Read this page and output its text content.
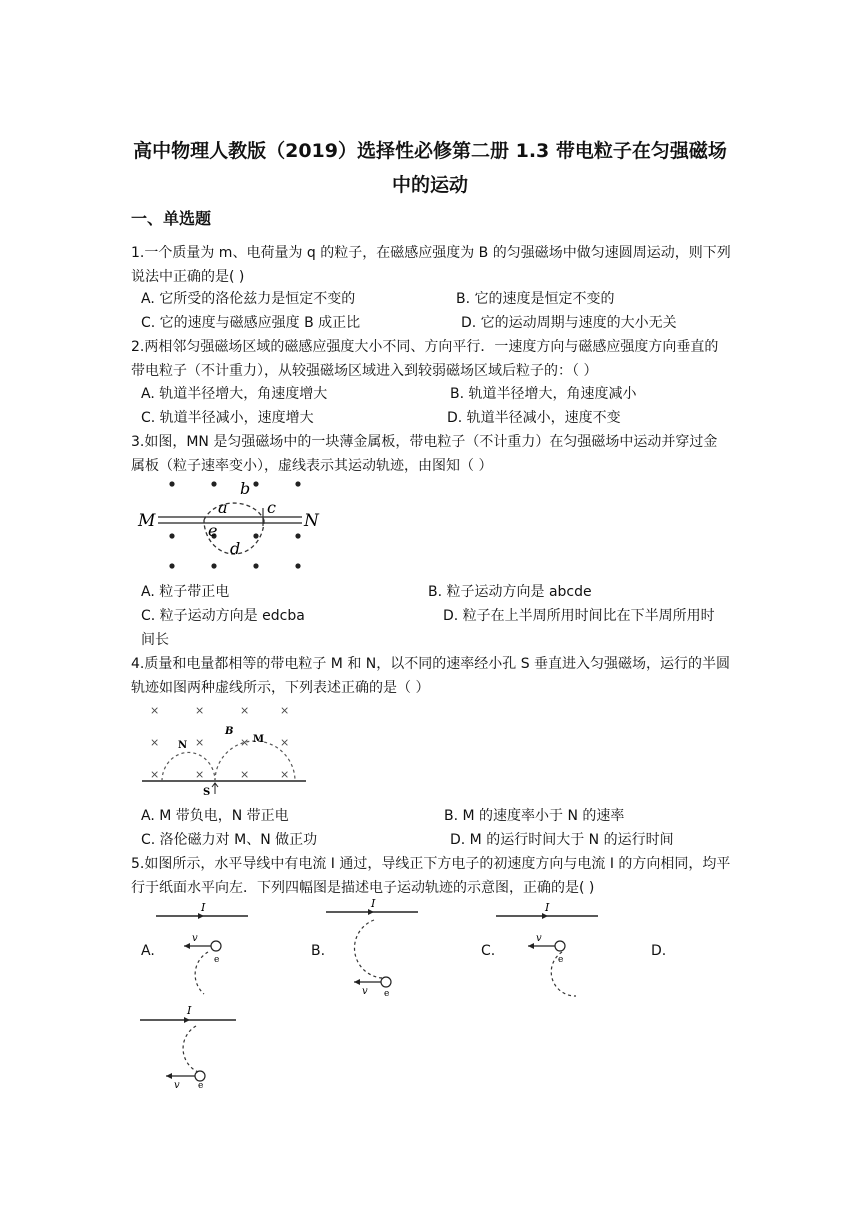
高中物理人教版（2019）选择性必修第二册 1.3 带电粒子在匀强磁场
中的运动
一、单选题
1.一个质量为 m、电荷量为 q 的粒子，在磁感应强度为 B 的匀强磁场中做匀速圆周运动，则下列说法中正确的是( )
A. 它所受的洛伦兹力是恒定不变的	B. 它的速度是恒定不变的
C. 它的速度与磁感应强度 B 成正比	D. 它的运动周期与速度的大小无关
2.两相邻匀强磁场区域的磁感应强度大小不同、方向平行．一速度方向与磁感应强度方向垂直的带电粒子（不计重力），从较强磁场区域进入到较弱磁场区域后粒子的：（ ）
A. 轨道半径增大，角速度增大	B. 轨道半径增大，角速度减小
C. 轨道半径减小，速度增大	D. 轨道半径减小，速度不变
3.如图，MN 是匀强磁场中的一块薄金属板，带电粒子（不计重力）在匀强磁场中运动并穿过金属板（粒子速率变小），虚线表示其运动轨迹，由图知（ ）
M	N
a
b
c
d
e
A. 粒子带正电	B. 粒子运动方向是 abcde
C. 粒子运动方向是 edcba	D. 粒子在上半周所用时间比在下半周所用时
间长
4.质量和电量都相等的带电粒子 M 和 N，以不同的速率经小孔 S 垂直进入匀强磁场，运行的半圆轨迹如图两种虚线所示，下列表述正确的是（ ）
×	×	×	×
×	×	×	×
×	×	×	×
B
N
M
S
A. M 带负电，N 带正电	B. M 的速度率小于 N 的速率
C. 洛伦磁力对 M、N 做正功	D. M 的运行时间大于 N 的运行时间
5.如图所示，水平导线中有电流 I 通过，导线正下方电子的初速度方向与电流 I 的方向相同，均平行于纸面水平向左．下列四幅图是描述电子运动轨迹的示意图，正确的是( )
A.
I
v
e
B.
I
v e
C.
I
v
e
D.
I
v e
